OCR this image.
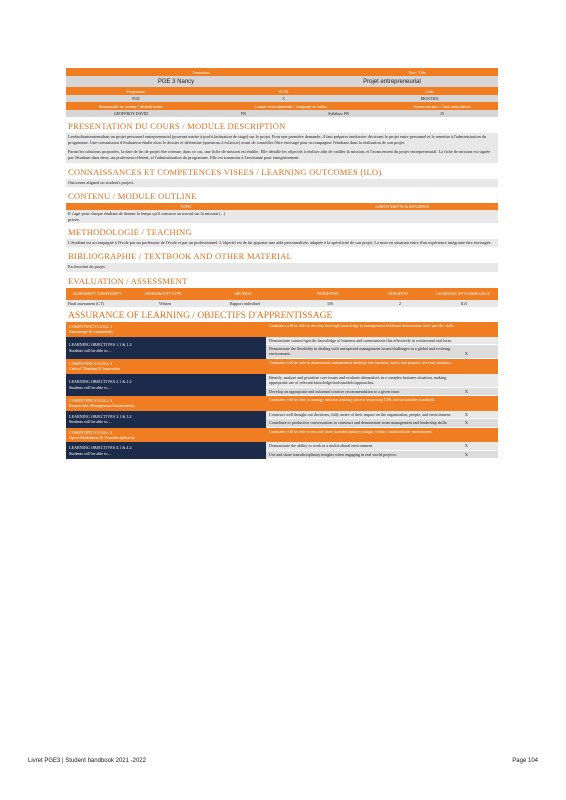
Promotion	Titre / Title
PGE 3 Nancy	Projet entrepreneurial
Programme	ECTS	Code
PGE	3	MGNT403
Responsable de module / Module leader	Langue d'enseignement / Language of tuition	Volume horaire / Class contacthours
GEOFFROY DAVID	FR	Syllabus: FR	15
PRESENTATION DU COURS / MODULE DESCRIPTION
Lesétudiantsentrentdans un projet personnel entrepreneurial (pouvant mettre à profit lasituation de stage) sur le projet. Pour une première demande, il faut préparer tandossier décrivant le projet entre personnel et le remettre à l'administration du programme. Une commission d'évaluation étudie alors le dossier et détermine (questions à éclaircir) avant de conseiller l'être envisagé pour accompagner l'étudiant dans la réalisation de son projet.
Parmi les solutions proposées, la date de fin de projet être retenue, dans ce cas, une fiche de mission est établie. Elle détaille les objectifs à réaliser afin de valider la mission, et l'avancement du projet entrepreneurial. La fiche de mission est signée par l'étudiant dans deux, un professeur référent, et l'administration du programme. Elle est transmise à l'assistante pour enregistrement.
CONNAISSANCES ET COMPETENCES VISEES / LEARNING OUTCOMES (ILO)
Outcomes aligned on student's project.
CONTENU / MODULE OUTLINE
TOPIC	ASSIGN MENTS & READINGS
Il s'agit pour chaque étudiant de donner le temps qu'il consacre au travail sur la mission (...)
privée.
METHODOLOGIE / TEACHING
L'étudiant est accompagné à l'école par un professeur de l'école et par un professionnel. L'objectif est de lui apporter une aide personnalisée, adaptée à la spécificité de son projet. La mise en situation entre d'un expérience intégrante être envisagée.
BIBLIOGRAPHIE / TEXTBOOK AND OTHER MATERIAL
En fonction du projet.
EVALUATION / ASSESSMENT
ASSESMENT COMPONENT	ASSESSM ENT TYPE	METHOD	WEIGHTING	DURATION	LEARNING OUTCOMES (ILO)
Final assessment (CT)	Written	Rapport individuel	100	2	ILO
ASSURANCE OF LEARNING / OBJECTIFS D'APPRENTISSAGE
COMPETENCY/GOAL 1
Knowledge & Adaptability
Graduates will be able to develop thorough knowledge in management fieldsand demonstrate their specific skills.
LEARNING OBJECTIVES 1.1 & 1.2
Students will be able to....
Demonstrate context-specific knowledge of business and communicate this effectively in written and oral form.
Demonstrate the flexibility in dealing with unexpected management issues/challenges in a global and evolving environment.	X
COMPETENCY/GOAL 2
Critical Thinking & Innovation
Graduates will be able to demonstrate independent thinking into business issues and propose relevant solutions.
LEARNING OBJECTIVES 2.1 & 2.2
Students will be able to....
Identify, analyze and prioritize core issues and evaluate alternatives in a complex business situation, making appropriate use of relevant knowledge/tools/models/approaches.
Develop an appropriate and informed creative recommendation to a given issue.	X
COMPETENCY/GOAL 3
Responsible Management/Sustainability
Graduates will be able to manage decision making process respecting CSR and sustainable standards.
LEARNING OBJECTIVES 3.1 & 3.2
Students will be able to....
Construct well thought out decisions, fully aware of their impact on the organization, people, and environment.	X
Contribute to productive conversations to construct and demonstrate team management and leadership skills.	X
COMPETENCY/GOAL 4
Open-Mindedness & Transdisciplinarity
Graduates will be able to use and share transdisciplinary insight within a multicultural environment.
LEARNING OBJECTIVES 4.1 & 4.2
Students will be able to....
Demonstrate the ability to work in a multicultural environment.	X
Use and share transdisciplinary insights when engaging in real world projects.	X
Livret PGE3 | Student handbook 2021 -2022	Page 104
